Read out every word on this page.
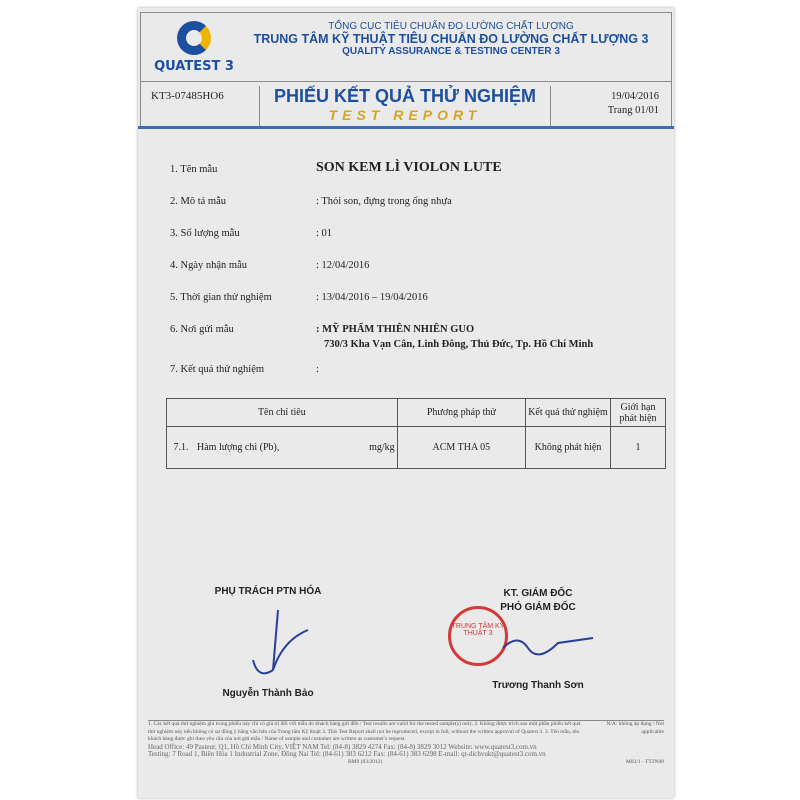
QUATEST 3
TỔNG CỤC TIÊU CHUẨN ĐO LƯỜNG CHẤT LƯỢNG
TRUNG TÂM KỸ THUẬT TIÊU CHUẨN ĐO LƯỜNG CHẤT LƯỢNG 3
QUALITY ASSURANCE & TESTING CENTER 3
KT3-07485HO6	PHIẾU KẾT QUẢ THỬ NGHIỆM
TEST REPORT
19/04/2016
Trang 01/01
1. Tên mẫu	SON KEM LÌ VIOLON LUTE
2. Mô tả mẫu	: Thỏi son, đựng trong ống nhựa
3. Số lượng mẫu	: 01
4. Ngày nhận mẫu	: 12/04/2016
5. Thời gian thử nghiệm	: 13/04/2016 – 19/04/2016
6. Nơi gửi mẫu	: MỸ PHẨM THIÊN NHIÊN GUO
730/3 Kha Vạn Cân, Linh Đông, Thủ Đức, Tp. Hồ Chí Minh
7. Kết quả thử nghiệm	:
Tên chỉ tiêu			Phương pháp thử	Kết quả thử nghiệm	Giới hạn phát hiện
7.1.	Hàm lượng chì (Pb),	mg/kg	ACM THA 05	Không phát hiện	1
PHỤ TRÁCH PTN HÓA
Nguyễn Thành Bảo
KT. GIÁM ĐỐC
PHÓ GIÁM ĐỐC
TRUNG TÂM KỸ THUẬT 3
Trương Thanh Sơn
1. Các kết quả thử nghiệm ghi trong phiếu này chỉ có giá trị đối với mẫu do khách hàng gửi đến / Test results are valid for the tested sample(s) only. 2. Không được trích sao một phần phiếu kết quả thử nghiệm này nếu không có sự đồng ý bằng văn bản của Trung tâm Kỹ thuật 3. This Test Report shall not be reproduced, except in full, without the written approval of Quatest 3. 3. Tên mẫu, tên khách hàng được ghi theo yêu cầu của nơi gửi mẫu / Name of sample and customer are written as customer's request.
N/A: không áp dụng / Not applicable
Head Office: 49 Pasteur, Q1, Hồ Chí Minh City, VIỆT NAM Tel: (84-8) 3829 4274 Fax: (84-8) 3829 3012 Website: www.quatest3.com.vn
Testing: 7 Road 1, Biên Hòa 1 Industrial Zone, Đồng Nai Tel: (84-61) 383 6212 Fax: (84-61) 383 6298 E-mail: qt-dichvukt@quatest3.com.vn
BM9 (03/2012)	M03/1 - TT2N08
